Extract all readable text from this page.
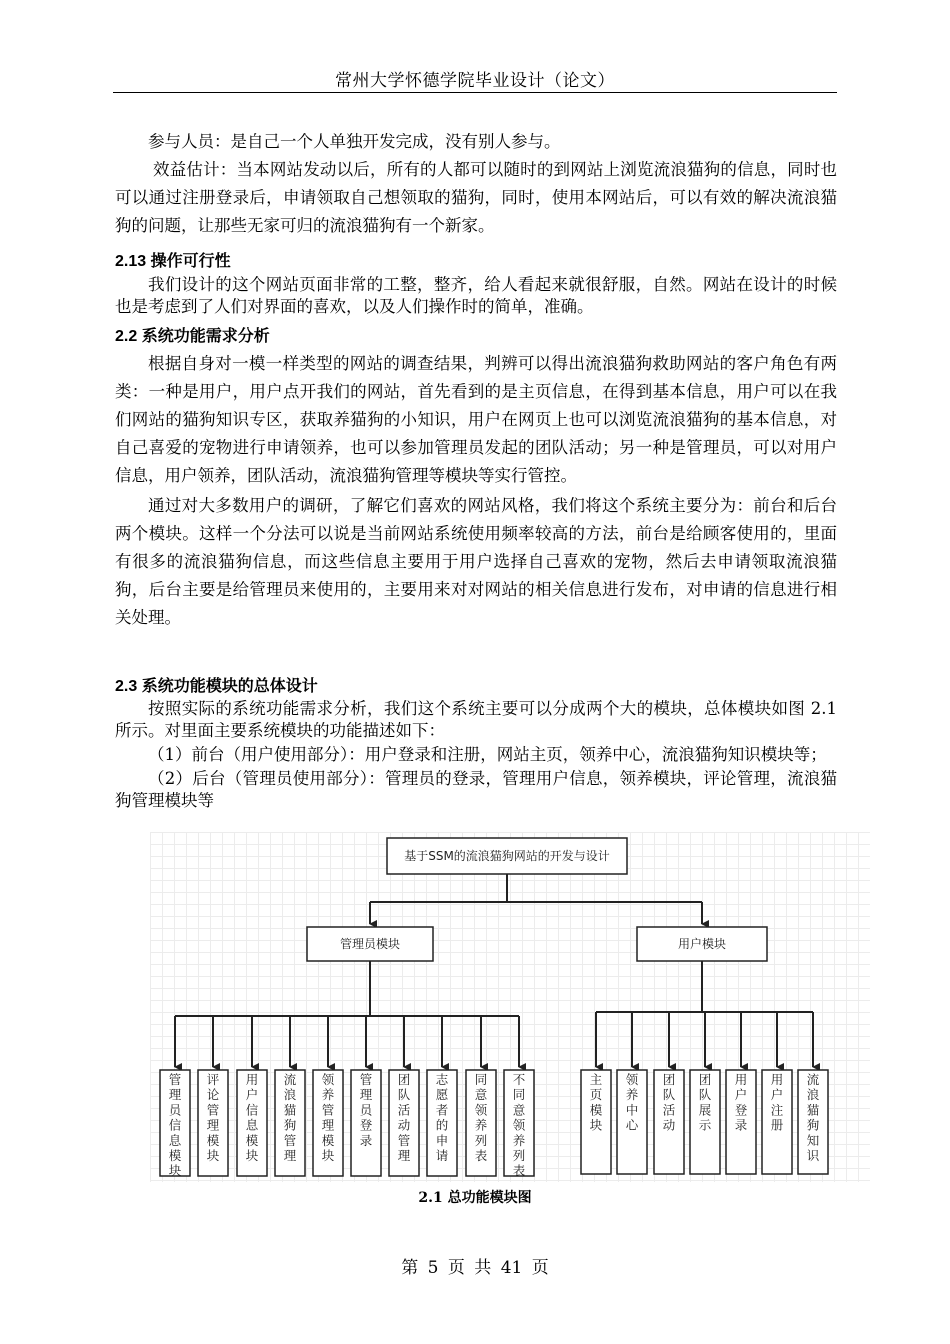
常州大学怀德学院毕业设计（论文）

参与人员：是自己一个人单独开发完成，没有别人参与。

效益估计：当本网站发动以后，所有的人都可以随时的到网站上浏览流浪猫狗的信息，同时也可以通过注册登录后，申请领取自己想领取的猫狗，同时，使用本网站后，可以有效的解决流浪猫狗的问题，让那些无家可归的流浪猫狗有一个新家。

2.13 操作可行性

我们设计的这个网站页面非常的工整，整齐，给人看起来就很舒服，自然。网站在设计的时候也是考虑到了人们对界面的喜欢，以及人们操作时的简单，准确。

2.2 系统功能需求分析

根据自身对一模一样类型的网站的调查结果，判辨可以得出流浪猫狗救助网站的客户角色有两类：一种是用户，用户点开我们的网站，首先看到的是主页信息，在得到基本信息，用户可以在我们网站的猫狗知识专区，获取养猫狗的小知识，用户在网页上也可以浏览流浪猫狗的基本信息，对自己喜爱的宠物进行申请领养，也可以参加管理员发起的团队活动；另一种是管理员，可以对用户信息，用户领养，团队活动，流浪猫狗管理等模块等实行管控。

通过对大多数用户的调研，了解它们喜欢的网站风格，我们将这个系统主要分为：前台和后台两个模块。这样一个分法可以说是当前网站系统使用频率较高的方法，前台是给顾客使用的，里面有很多的流浪猫狗信息，而这些信息主要用于用户选择自己喜欢的宠物，然后去申请领取流浪猫狗，后台主要是给管理员来使用的，主要用来对对网站的相关信息进行发布，对申请的信息进行相关处理。

2.3 系统功能模块的总体设计

按照实际的系统功能需求分析，我们这个系统主要可以分成两个大的模块，总体模块如图 2.1 所示。对里面主要系统模块的功能描述如下：

（1）前台（用户使用部分）：用户登录和注册，网站主页，领养中心，流浪猫狗知识模块等；

（2）后台（管理员使用部分）：管理员的登录，管理用户信息，领养模块，评论管理，流浪猫狗管理模块等

基于SSM的流浪猫狗网站的开发与设计
管理员模块	用户模块
管理员信息模块
评论管理模块
用户信息模块
流浪猫狗管理
领养管理模块
管理员登录
团队活动管理
志愿者的申请
同意领养列表
不同意领养列表
主页模块
领养中心
团队活动
团队展示
用户登录
用户注册
流浪猫狗知识
2.1 总功能模块图
第 5 页 共 41 页
